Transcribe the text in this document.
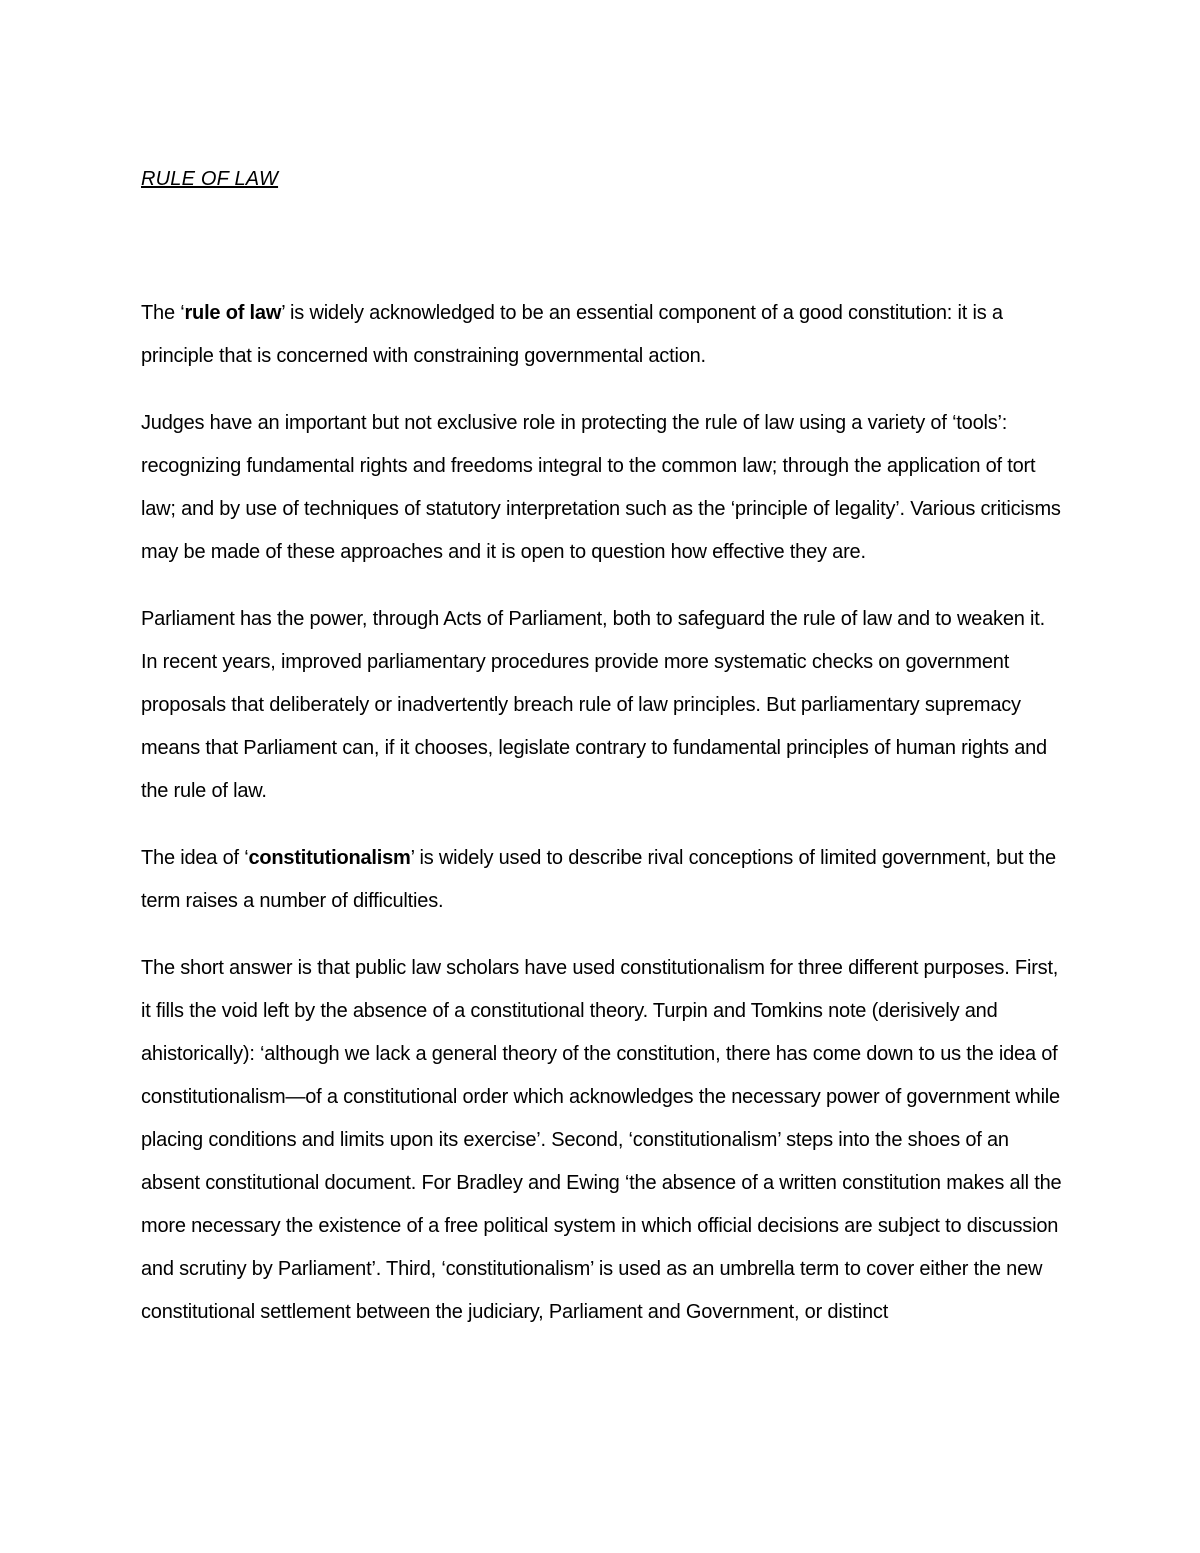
RULE OF LAW

The ‘rule of law’ is widely acknowledged to be an essential component of a good constitution: it is a principle that is concerned with constraining governmental action.

Judges have an important but not exclusive role in protecting the rule of law using a variety of ‘tools’: recognizing fundamental rights and freedoms integral to the common law; through the application of tort law; and by use of techniques of statutory interpretation such as the ‘principle of legality’. Various criticisms may be made of these approaches and it is open to question how effective they are.

Parliament has the power, through Acts of Parliament, both to safeguard the rule of law and to weaken it. In recent years, improved parliamentary procedures provide more systematic checks on government proposals that deliberately or inadvertently breach rule of law principles. But parliamentary supremacy means that Parliament can, if it chooses, legislate contrary to fundamental principles of human rights and the rule of law.

The idea of ‘constitutionalism’ is widely used to describe rival conceptions of limited government, but the term raises a number of difficulties.

The short answer is that public law scholars have used constitutionalism for three different purposes. First, it fills the void left by the absence of a constitutional theory. Turpin and Tomkins note (derisively and ahistorically): ‘although we lack a general theory of the constitution, there has come down to us the idea of constitutionalism—of a constitutional order which acknowledges the necessary power of government while placing conditions and limits upon its exercise’. Second, ‘constitutionalism’ steps into the shoes of an absent constitutional document. For Bradley and Ewing ‘the absence of a written constitution makes all the more necessary the existence of a free political system in which official decisions are subject to discussion and scrutiny by Parliament’. Third, ‘constitutionalism’ is used as an umbrella term to cover either the new constitutional settlement between the judiciary, Parliament and Government, or distinct
